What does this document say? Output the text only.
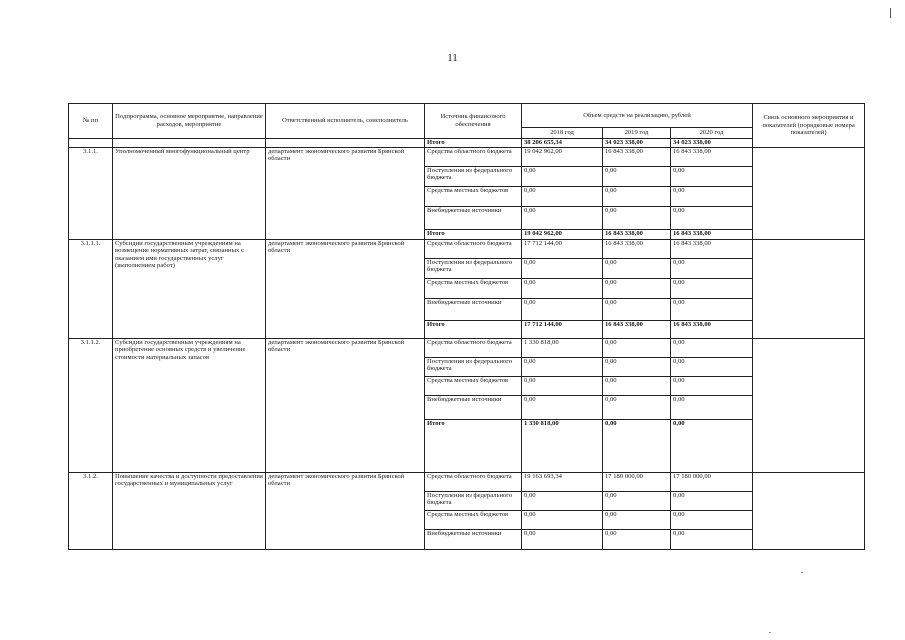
11
№ пп	Подпрограмма, основное мероприятие, направление расходов, мероприятие	Ответственный исполнитель, соисполнитель	Источник финансового обеспечения	Объем средств на реализацию, рублей			Связь основного мероприятия и показателей (порядковые номера показателей)
				2018 год	2019 год	2020 год	
			Итого	38 206 655,34	34 023 338,00	34 023 338,00	
3.1.1.	Уполномоченный многофункциональный центр	департамент экономического развития Брянской области	Средства областного бюджета	19 042 962,00	16 843 338,00	16 843 338,00	
			Поступления из федерального бюджета	0,00	0,00	0,00	
			Средства местных бюджетов	0,00	0,00	0,00	
			Внебюджетные источники	0,00	0,00	0,00	
			Итого	19 042 962,00	16 843 338,00	16 843 338,00	
3.1.1.1.	Субсидии государственным учреждениям на возмещение нормативных затрат, связанных с оказанием ими государственных услуг (выполнением работ)	департамент экономического развития Брянской области	Средства областного бюджета	17 712 144,00	16 843 338,00	16 843 338,00	
			Поступления из федерального бюджета	0,00	0,00	0,00	
			Средства местных бюджетов	0,00	0,00	0,00	
			Внебюджетные источники	0,00	0,00	0,00	
			Итого	17 712 144,00	16 843 338,00	16 843 338,00	
3.1.1.2.	Субсидии государственным учреждениям на приобретение основных средств и увеличение стоимости материальных запасов	департамент экономического развития Брянской области	Средства областного бюджета	1 330 818,00	0,00	0,00	
			Поступления из федерального бюджета	0,00	0,00	0,00	
			Средства местных бюджетов	0,00	0,00	0,00	
			Внебюджетные источники	0,00	0,00	0,00	
			Итого	1 330 818,00	0,00	0,00	
3.1.2.	Повышение качества и доступности предоставления государственных и муниципальных услуг	департамент экономического развития Брянской области	Средства областного бюджета	19 163 693,34	17 180 000,00	17 180 000,00	
			Поступления из федерального бюджета	0,00	0,00	0,00	
			Средства местных бюджетов	0,00	0,00	0,00	
			Внебюджетные источники	0,00	0,00	0,00	
